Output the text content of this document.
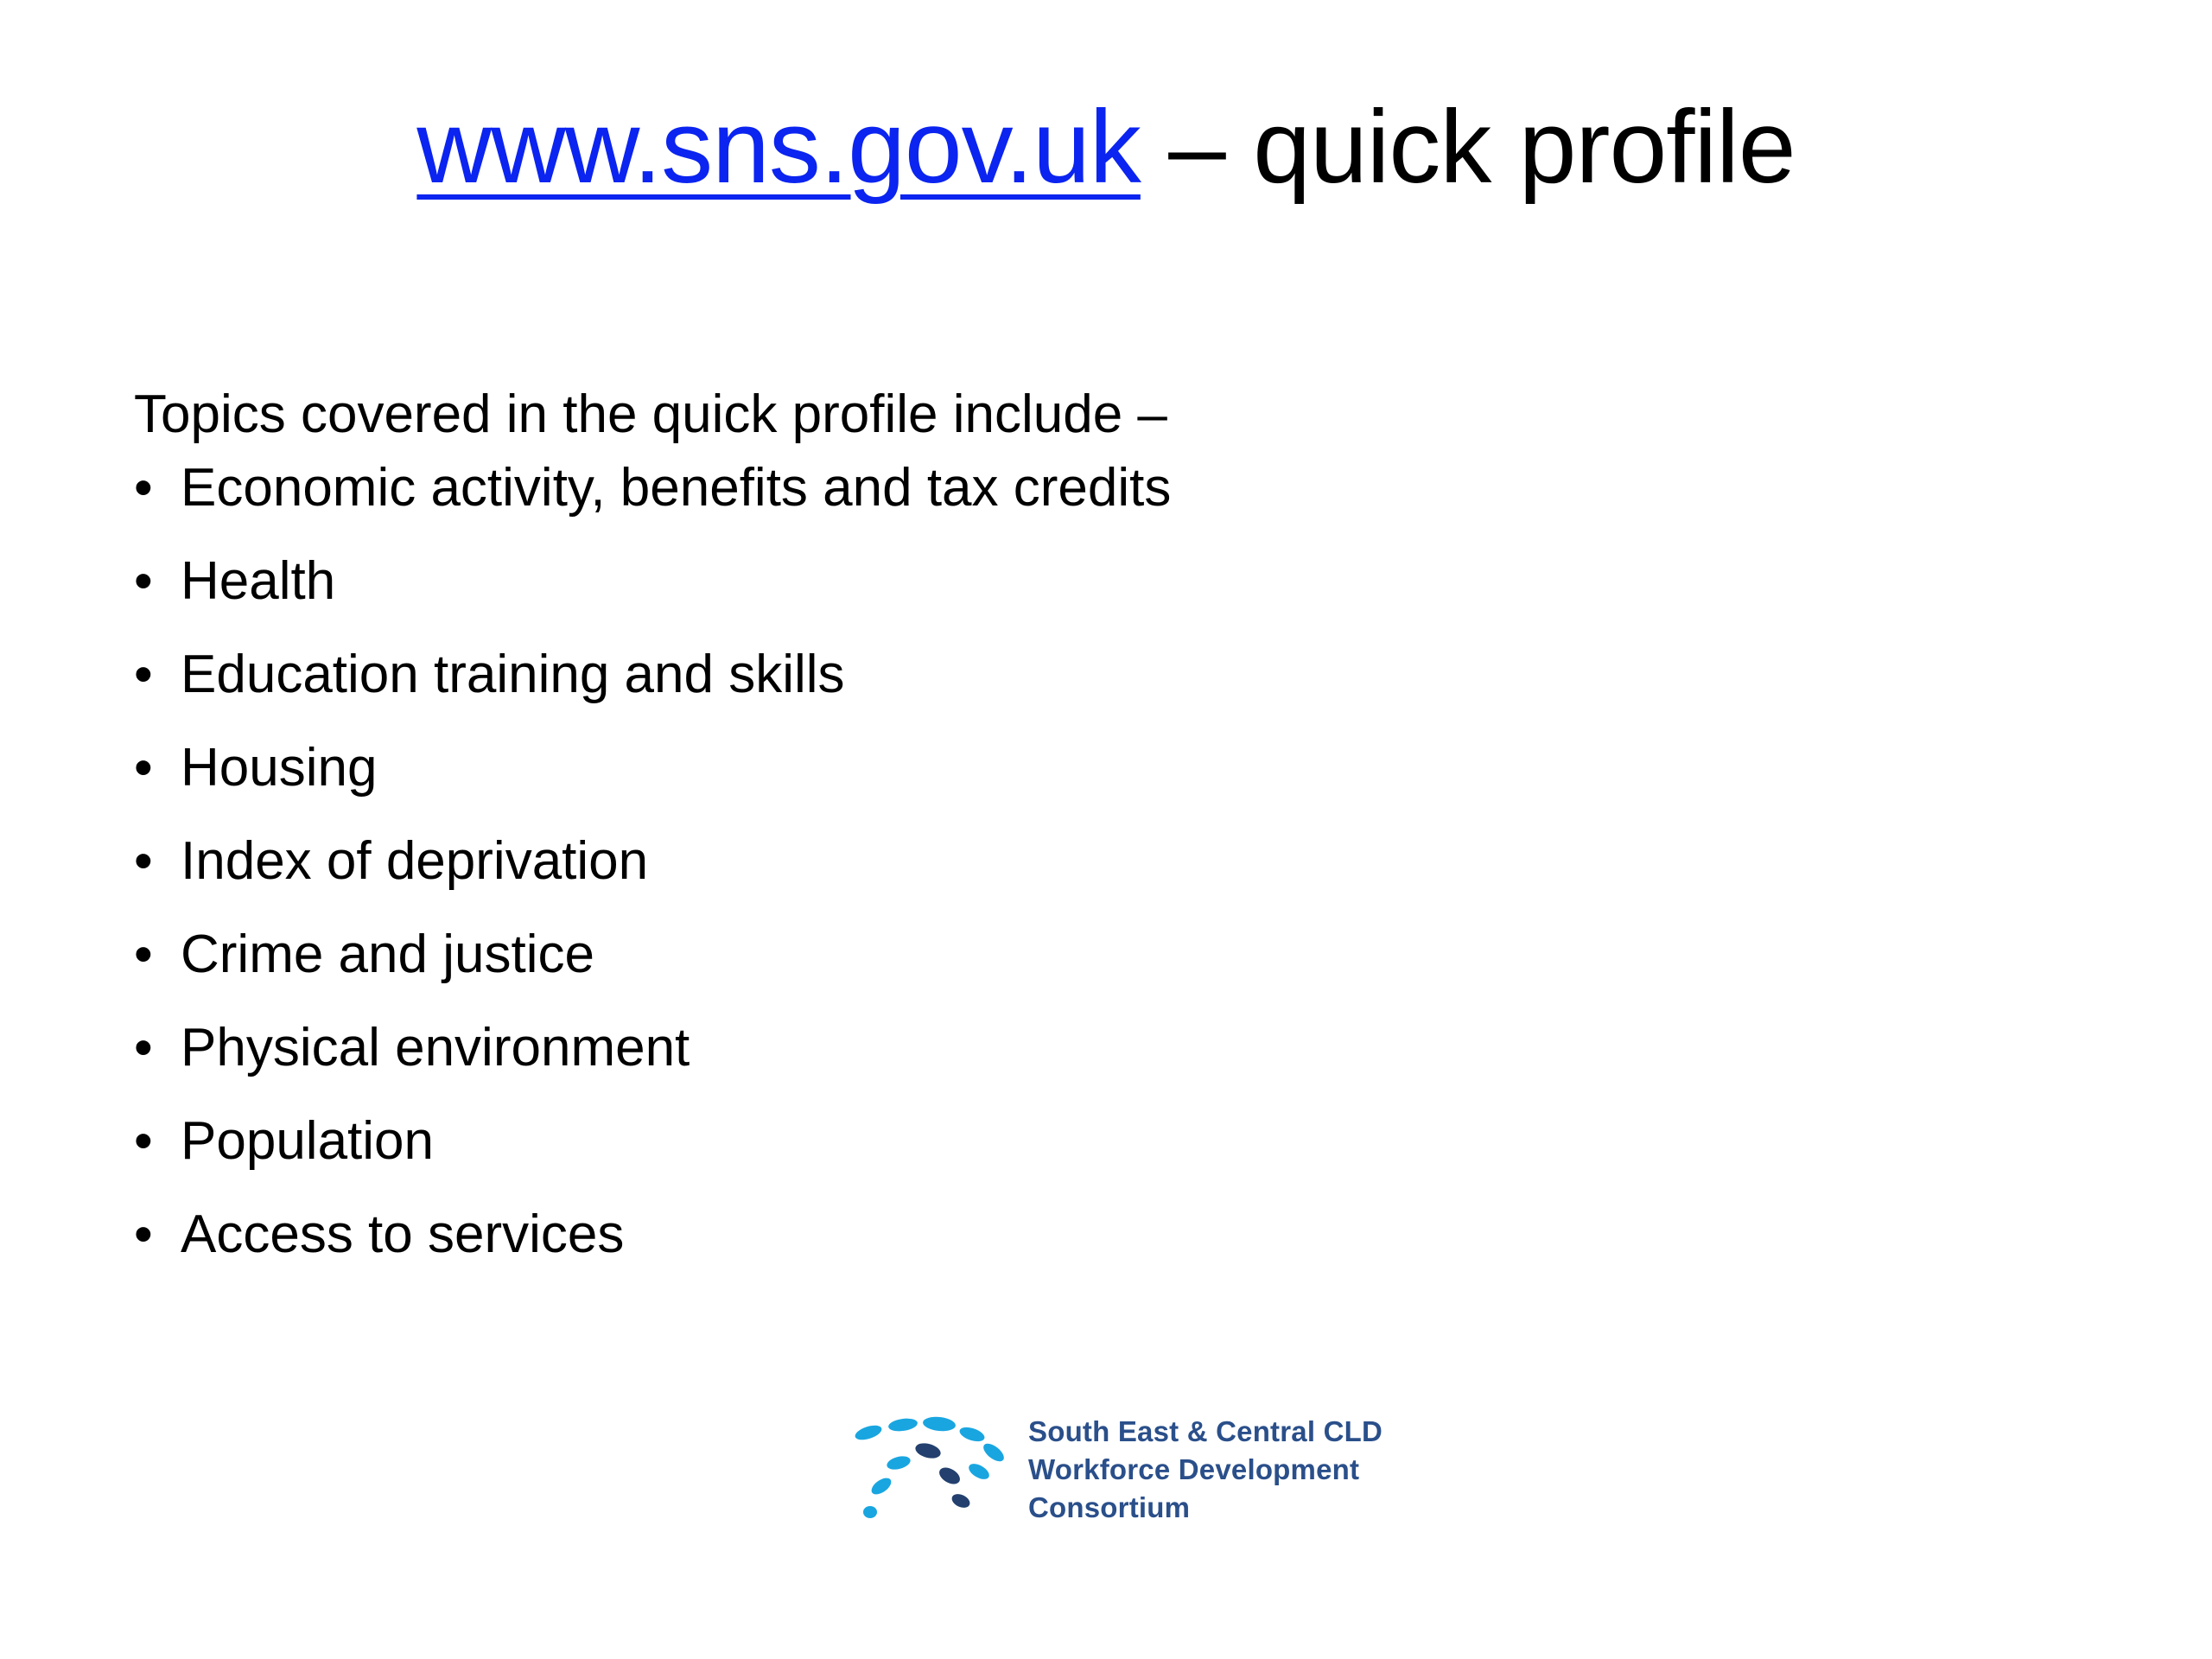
www.sns.gov.uk – quick profile
Topics covered in the quick profile include –
• Economic activity, benefits and tax credits
• Health
• Education training and skills
• Housing
• Index of deprivation
• Crime and justice
• Physical environment
• Population
• Access to services
South East & Central CLD
Workforce Development
Consortium
